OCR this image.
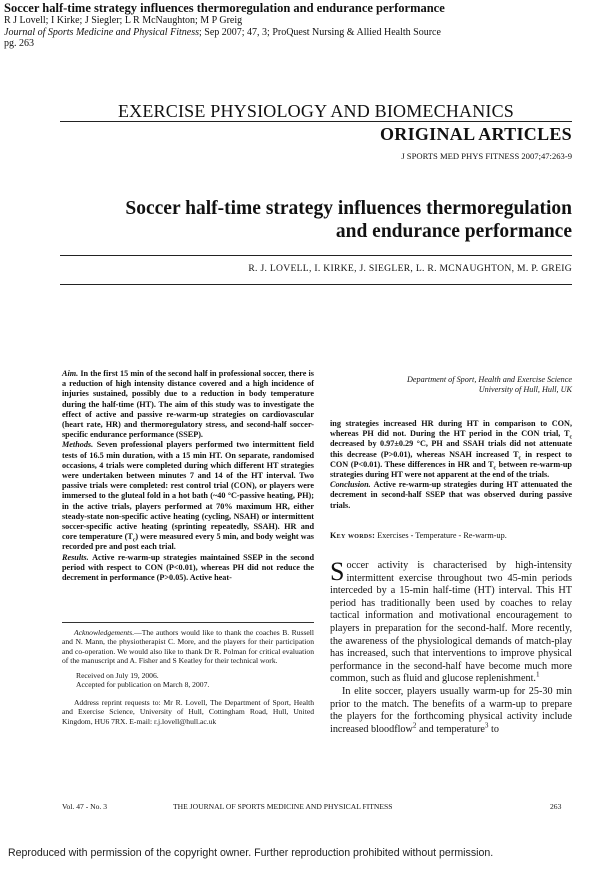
Soccer half-time strategy influences thermoregulation and endurance performance
R J Lovell; I Kirke; J Siegler; L R McNaughton; M P Greig
Journal of Sports Medicine and Physical Fitness; Sep 2007; 47, 3; ProQuest Nursing & Allied Health Source
pg. 263
EXERCISE PHYSIOLOGY AND BIOMECHANICS
ORIGINAL ARTICLES
J SPORTS MED PHYS FITNESS 2007;47:263-9
Soccer half-time strategy influences thermoregulation
and endurance performance
R. J. LOVELL, I. KIRKE, J. SIEGLER, L. R. MCNAUGHTON, M. P. GREIG
Aim. In the first 15 min of the second half in professional soccer, there is a reduction of high intensity distance covered and a high incidence of injuries sustained, possibly due to a reduction in body temperature during the half-time (HT). The aim of this study was to investigate the effect of active and passive re-warm-up strategies on cardiovascular (heart rate, HR) and thermoregulatory stress, and second-half soccer-specific endurance performance (SSEP).
Methods. Seven professional players performed two intermittent field tests of 16.5 min duration, with a 15 min HT. On separate, randomised occasions, 4 trials were completed during which different HT strategies were undertaken between minutes 7 and 14 of the HT interval. Two passive trials were completed: rest control trial (CON), or players were immersed to the gluteal fold in a hot bath (~40 °C-passive heating, PH); in the active trials, players performed at 70% maximum HR, either steady-state non-specific active heating (cycling, NSAH) or intermittent soccer-specific active heating (sprinting repeatedly, SSAH). HR and core temperature $(T_c)$ were measured every 5 min, and body weight was recorded pre and post each trial.
Results. Active re-warm-up strategies maintained SSEP in the second period with respect to CON (P<0.01), whereas PH did not reduce the decrement in performance (P>0.05). Active heat-
Department of Sport, Health and Exercise Science
University of Hull, Hull, UK
ing strategies increased HR during HT in comparison to CON, whereas PH did not. During the HT period in the CON trial, $T_c$ decreased by 0.97±0.29 °C, PH and SSAH trials did not attenuate this decrease (P>0.01), whereas NSAH increased $T_c$ in respect to CON (P<0.01). These differences in HR and $T_c$ between re-warm-up strategies during HT were not apparent at the end of the trials.
Conclusion. Active re-warm-up strategies during HT attenuated the decrement in second-half SSEP that was observed during passive trials.
Key words: Exercises - Temperature - Re-warm-up.
Soccer activity is characterised by high-intensity intermittent exercise throughout two 45-min periods interceded by a 15-min half-time (HT) interval. This HT period has traditionally been used by coaches to relay tactical information and motivational encouragement to players in preparation for the second-half. More recently, the awareness of the physiological demands of match-play has increased, such that interventions to improve physical performance in the second-half have become much more common, such as fluid and glucose replenishment.$^1$
In elite soccer, players usually warm-up for 25-30 min prior to the match. The benefits of a warm-up to prepare the players for the forthcoming physical activity include increased bloodflow$^2$ and temperature$^3$ to

Acknowledgements.—The authors would like to thank the coaches B. Russell and N. Mann, the physiotherapist C. More, and the players for their participation and co-operation. We would also like to thank Dr R. Polman for critical evaluation of the manuscript and A. Fisher and S Keatley for their technical work.

Received on July 19, 2006.
Accepted for publication on March 8, 2007.
Address reprint requests to: Mr R. Lovell, The Department of Sport, Health and Exercise Science, University of Hull, Cottingham Road, Hull, United Kingdom, HU6 7RX. E-mail: r.j.lovell@hull.ac.uk
Vol. 47 - No. 3	THE JOURNAL OF SPORTS MEDICINE AND PHYSICAL FITNESS	263
Reproduced with permission of the copyright owner. Further reproduction prohibited without permission.
